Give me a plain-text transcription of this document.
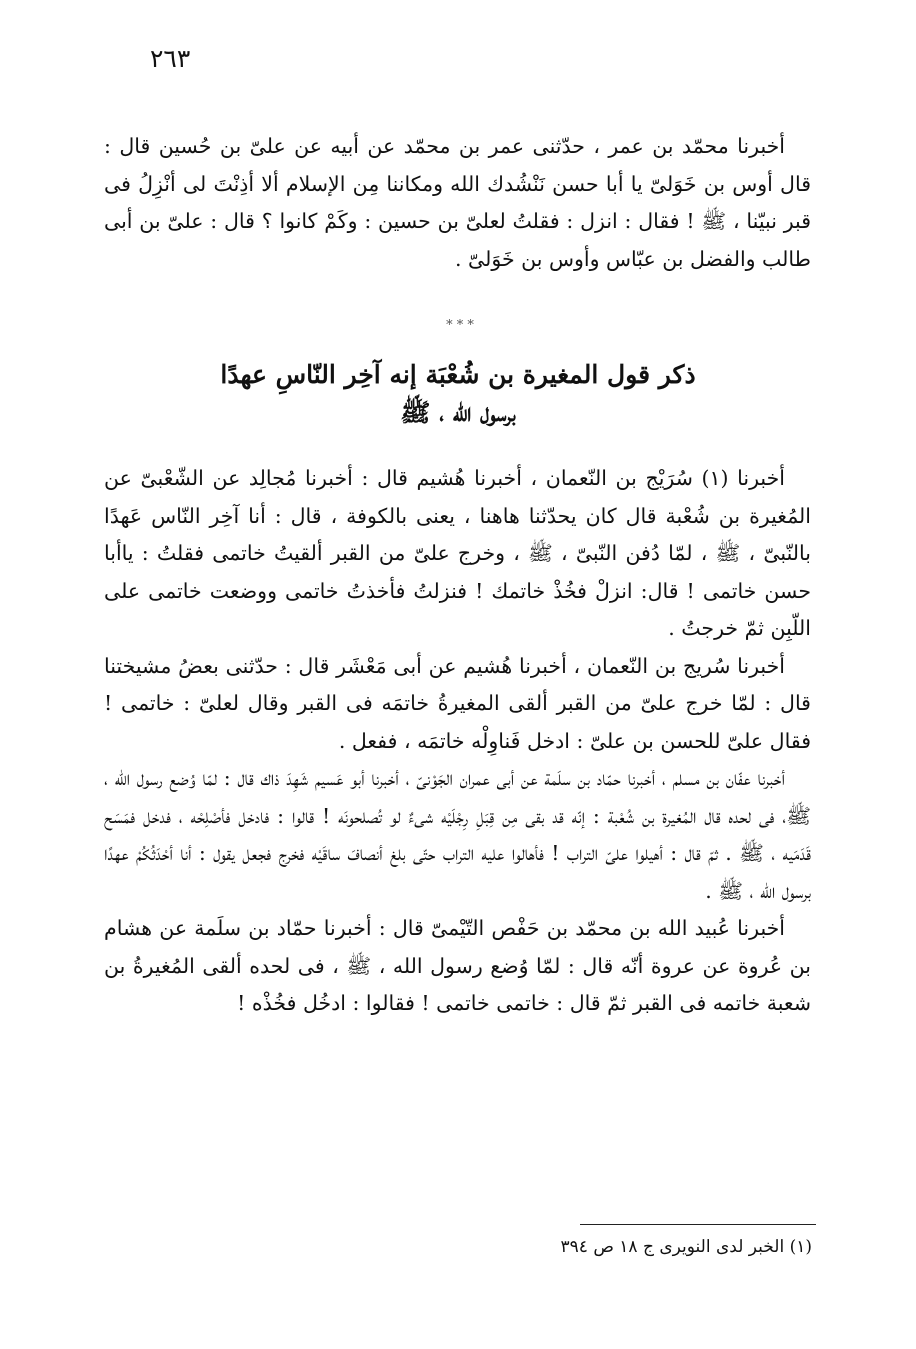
٢٦٣

أخبرنا محمّد بن عمر ، حدّثنى عمر بن محمّد عن أبيه عن علىّ بن حُسين قال : قال أوس بن خَوَلىّ يا أبا حسن نَنْشُدك الله ومكاننا مِن الإسلام ألا أذِنْتَ لى أنْزِلُ فى قبر نبيّنا ، ﷺ ! فقال : انزل : فقلتُ لعلىّ بن حسين : وكَمْ كانوا ؟ قال : علىّ بن أبى طالب والفضل بن عبّاس وأوس بن خَوَلىّ .

* * *
ذكر قول المغيرة بن شُعْبَة إنه آخِر النّاسِ عهدًا
برسول الله ، ﷺ

أخبرنا (١) سُرَيْج بن النّعمان ، أخبرنا هُشيم قال : أخبرنا مُجالِد عن الشّعْبىّ عن المُغيرة بن شُعْبة قال كان يحدّثنا هاهنا ، يعنى بالكوفة ، قال : أنا آخِر النّاس عَهدًا بالنّبىّ ، ﷺ ، لمّا دُفن النّبىّ ، ﷺ ، وخرج علىّ من القبر ألقيتُ خاتمى فقلتُ : ياأبا حسن خاتمى ! قال: انزلْ فخُذْ خاتمك ! فنزلتُ فأخذتُ خاتمى ووضعت خاتمى على اللّبِن ثمّ خرجتُ .

أخبرنا سُريج بن النّعمان ، أخبرنا هُشيم عن أبى مَعْشَر قال : حدّثنى بعضُ مشيختنا قال : لمّا خرج علىّ من القبر ألقى المغيرةُ خاتمَه فى القبر وقال لعلىّ : خاتمى ! فقال علىّ للحسن بن علىّ : ادخل فَناوِلْه خاتمَه ، ففعل .

أخبرنا عفّان بن مسلم ، أخبرنا حمّاد بن سلَمة عن أبى عمران الجَوْنىّ ، أخبرنا أبو عَسيم شَهِدَ ذاك قال : لمّا وُضع رسول الله ، ﷺ، فى لحده قال المُغيرة بن شُعْبة : إنّه قد بقى مِن قِبَلِ رِجْلَيْه شىءٌ لو تُصلحونَه ! قالوا : فادخل فأصْلِحْه ، فدخل فمَسَح قَدَمَيه ، ﷺ . ثمّ قال : أهيلوا علىّ التراب ! فأهالوا عليه التراب حتّى بلغ أنصافَ ساقَيْه فخرج فجعل يقول : أنا أحْدَثُكُمْ عهدًا برسول الله ، ﷺ .

أخبرنا عُبيد الله بن محمّد بن حَفْص التّيْمىّ قال : أخبرنا حمّاد بن سلَمة عن هشام بن عُروة عن عروة أنّه قال : لمّا وُضع رسول الله ، ﷺ ، فى لحده ألقى المُغيرةُ بن شعبة خاتمه فى القبر ثمّ قال : خاتمى خاتمى ! فقالوا : ادخُل فخُذْه !

(١) الخبر لدى النويرى ج ١٨ ص ٣٩٤
